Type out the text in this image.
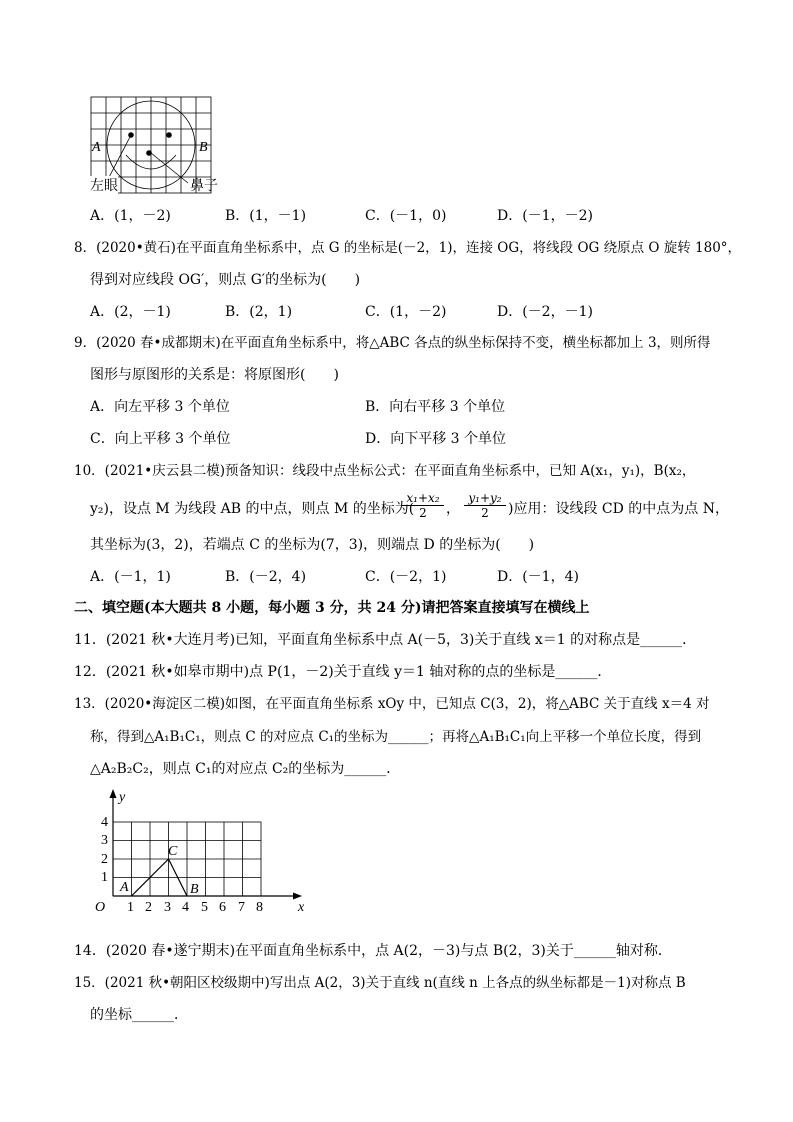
A	B
左眼	鼻子
A．(1，－2)	B．(1，－1)	C．(－1，0)	D．(－1，－2)
8．(2020•黄石)在平面直角坐标系中，点 G 的坐标是(－2，1)，连接 OG，将线段 OG 绕原点 O 旋转 180°，
得到对应线段 OG′，则点 G′的坐标为(　　)
A．(2，－1)	B．(2，1)	C．(1，－2)	D．(－2，－1)
9．(2020 春•成都期末)在平面直角坐标系中，将△ABC 各点的纵坐标保持不变，横坐标都加上 3，则所得
图形与原图形的关系是：将原图形(　　)
A．向左平移 3 个单位	B．向右平移 3 个单位
C．向上平移 3 个单位	D．向下平移 3 个单位
10．(2021•庆云县二模)预备知识：线段中点坐标公式：在平面直角坐标系中，已知 A(x₁，y₁)，B(x₂，
y₂)，设点 M 为线段 AB 的中点，则点 M 的坐标为(
$\frac{\text{x₁+x₂}}{2}$ ， $\frac{\text{y₁+y₂}}{2}$ )应用：设线段 CD 的中点为点 N，
其坐标为(3，2)，若端点 C 的坐标为(7，3)，则端点 D 的坐标为(　　)
A．(－1，1)	B．(－2，4)	C．(－2，1)	D．(－1，4)
二、填空题(本大题共 8 小题，每小题 3 分，共 24 分)请把答案直接填写在横线上
11．(2021 秋•大连月考)已知，平面直角坐标系中点 A(－5，3)关于直线 x＝1 的对称点是______．
12．(2021 秋•如皋市期中)点 P(1，－2)关于直线 y＝1 轴对称的点的坐标是______．
13．(2020•海淀区二模)如图，在平面直角坐标系 xOy 中，已知点 C(3，2)，将△ABC 关于直线 x＝4 对
称，得到△A₁B₁C₁，则点 C 的对应点 C₁的坐标为______；再将△A₁B₁C₁向上平移一个单位长度，得到
△A₂B₂C₂，则点 C₁的对应点 C₂的坐标为______．
y
x
O
1
2
3
4
1 2 3 4 5 6 7 8
A
C
B
14．(2020 春•遂宁期末)在平面直角坐标系中，点 A(2，－3)与点 B(2，3)关于______轴对称．
15．(2021 秋•朝阳区校级期中)写出点 A(2，3)关于直线 n(直线 n 上各点的纵坐标都是－1)对称点 B
的坐标______．
